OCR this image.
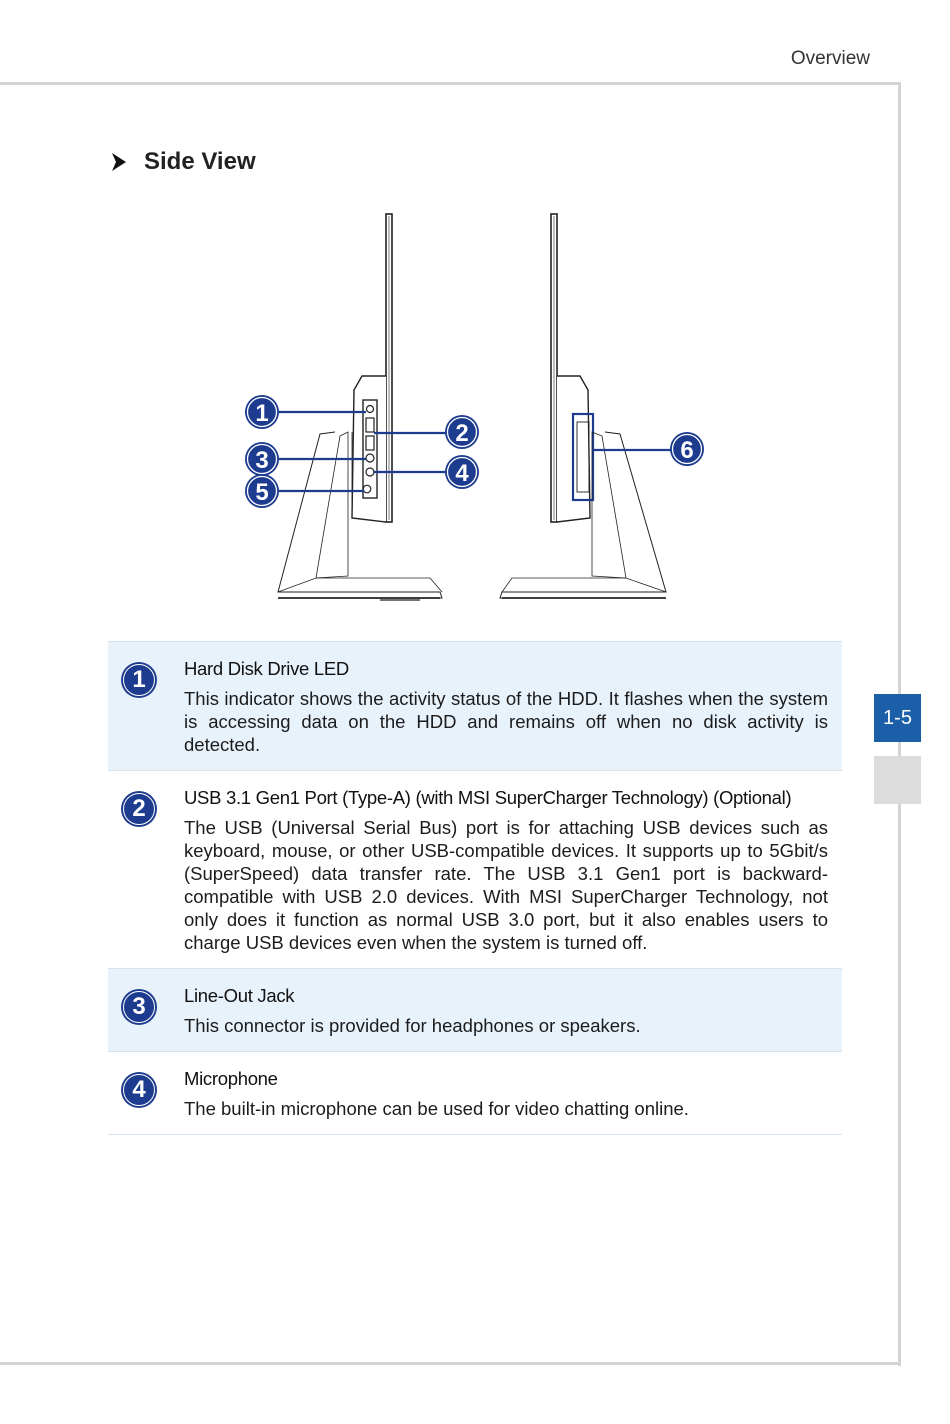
Overview
Side View
1
2
3	4
5
6
1-5
1	Hard Disk Drive LED

This indicator shows the activity status of the HDD. It flashes when the system is accessing data on the HDD and remains off when no disk activity is detected.

2	USB 3.1 Gen1 Port (Type-A) (with MSI SuperCharger Technology) (Optional)

The USB (Universal Serial Bus) port is for attaching USB devices such as keyboard, mouse, or other USB-compatible devices. It supports up to 5Gbit/s (SuperSpeed) data transfer rate. The USB 3.1 Gen1 port is backward-compatible with USB 2.0 devices. With MSI SuperCharger Technology, not only does it function as normal USB 3.0 port, but it also enables users to charge USB devices even when the system is turned off.

3	Line-Out Jack

This connector is provided for headphones or speakers.

4	Microphone

The built-in microphone can be used for video chatting online.
